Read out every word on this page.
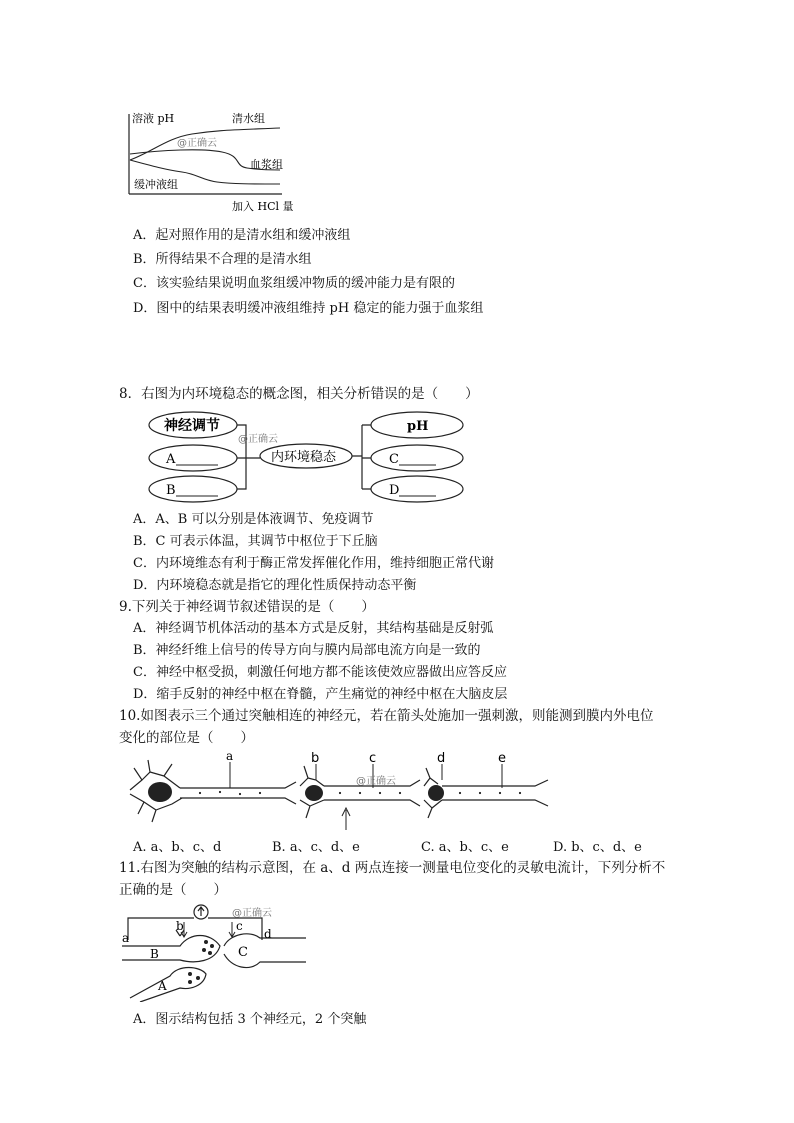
溶液 pH	清水组
@正确云
血浆组
缓冲液组
加入 HCl 量
A．起对照作用的是清水组和缓冲液组
B．所得结果不合理的是清水组
C．该实验结果说明血浆组缓冲物质的缓冲能力是有限的
D．图中的结果表明缓冲液组维持 pH 稳定的能力强于血浆组
8．右图为内环境稳态的概念图，相关分析错误的是（　　）
神经调节
A
B
内环境稳态
@正确云
pH
C
D
A．A、B 可以分别是体液调节、免疫调节
B．C 可表示体温，其调节中枢位于下丘脑
C．内环境维态有利于酶正常发挥催化作用，维持细胞正常代谢
D．内环境稳态就是指它的理化性质保持动态平衡
9.下列关于神经调节叙述错误的是（　　）
A．神经调节机体活动的基本方式是反射，其结构基础是反射弧
B．神经纤维上信号的传导方向与膜内局部电流方向是一致的
C．神经中枢受损，刺激任何地方都不能该使效应器做出应答反应
D．缩手反射的神经中枢在脊髓，产生痛觉的神经中枢在大脑皮层
10.如图表示三个通过突触相连的神经元，若在箭头处施加一强刺激，则能测到膜内外电位
变化的部位是（　　）
a	b	c	d	e
@正确云
A. a、b、c、d	B. a、c、d、e	C. a、b、c、e	D. b、c、d、e
11.右图为突触的结构示意图，在 a、d 两点连接一测量电位变化的灵敏电流计，下列分析不
正确的是（　　）
a
b	c
d
A
B	C
@正确云
A．图示结构包括 3 个神经元，2 个突触
